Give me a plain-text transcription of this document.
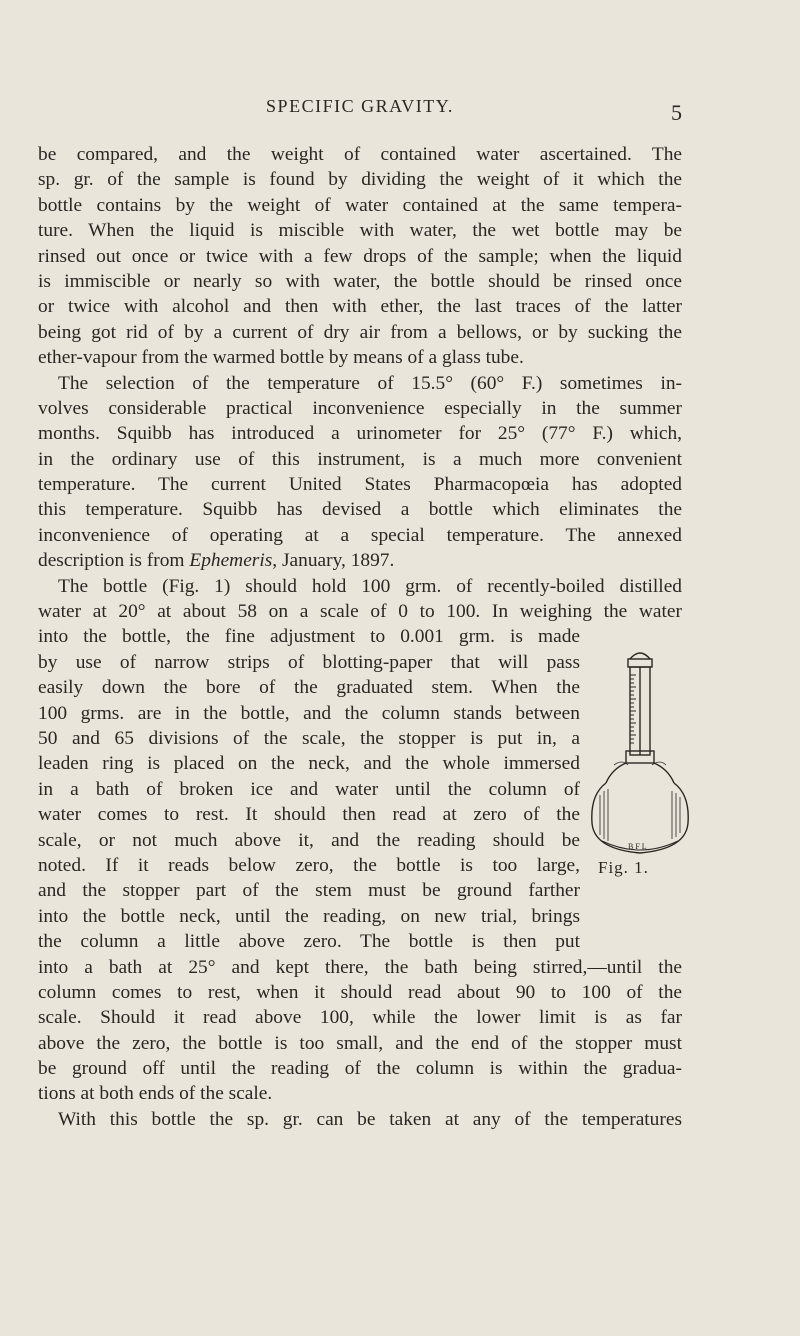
SPECIFIC GRAVITY.	5
be compared, and the weight of contained water ascertained. The
sp. gr. of the sample is found by dividing the weight of it which the
bottle contains by the weight of water contained at the same tempera-
ture. When the liquid is miscible with water, the wet bottle may be
rinsed out once or twice with a few drops of the sample; when the liquid
is immiscible or nearly so with water, the bottle should be rinsed once
or twice with alcohol and then with ether, the last traces of the latter
being got rid of by a current of dry air from a bellows, or by sucking the
ether-vapour from the warmed bottle by means of a glass tube.
The selection of the temperature of 15.5° (60° F.) sometimes in-
volves considerable practical inconvenience especially in the summer
months. Squibb has introduced a urinometer for 25° (77° F.) which,
in the ordinary use of this instrument, is a much more convenient
temperature. The current United States Pharmacopœia has adopted
this temperature. Squibb has devised a bottle which eliminates the
inconvenience of operating at a special temperature. The annexed
description is from Ephemeris, January, 1897.
The bottle (Fig. 1) should hold 100 grm. of recently-boiled distilled
water at 20° at about 58 on a scale of 0 to 100. In weighing the water
into the bottle, the fine adjustment to 0.001 grm. is made
by use of narrow strips of blotting-paper that will pass
easily down the bore of the graduated stem. When the
100 grms. are in the bottle, and the column stands between
50 and 65 divisions of the scale, the stopper is put in, a
leaden ring is placed on the neck, and the whole immersed
in a bath of broken ice and water until the column of
water comes to rest. It should then read at zero of the
scale, or not much above it, and the reading should be
noted. If it reads below zero, the bottle is too large,
and the stopper part of the stem must be ground farther
into the bottle neck, until the reading, on new trial, brings
the column a little above zero. The bottle is then put
into a bath at 25° and kept there, the bath being stirred,—until the
column comes to rest, when it should read about 90 to 100 of the
scale. Should it read above 100, while the lower limit is as far
above the zero, the bottle is too small, and the end of the stopper must
be ground off until the reading of the column is within the gradua-
tions at both ends of the scale.
With this bottle the sp. gr. can be taken at any of the temperatures
B F L
Fig. 1.
